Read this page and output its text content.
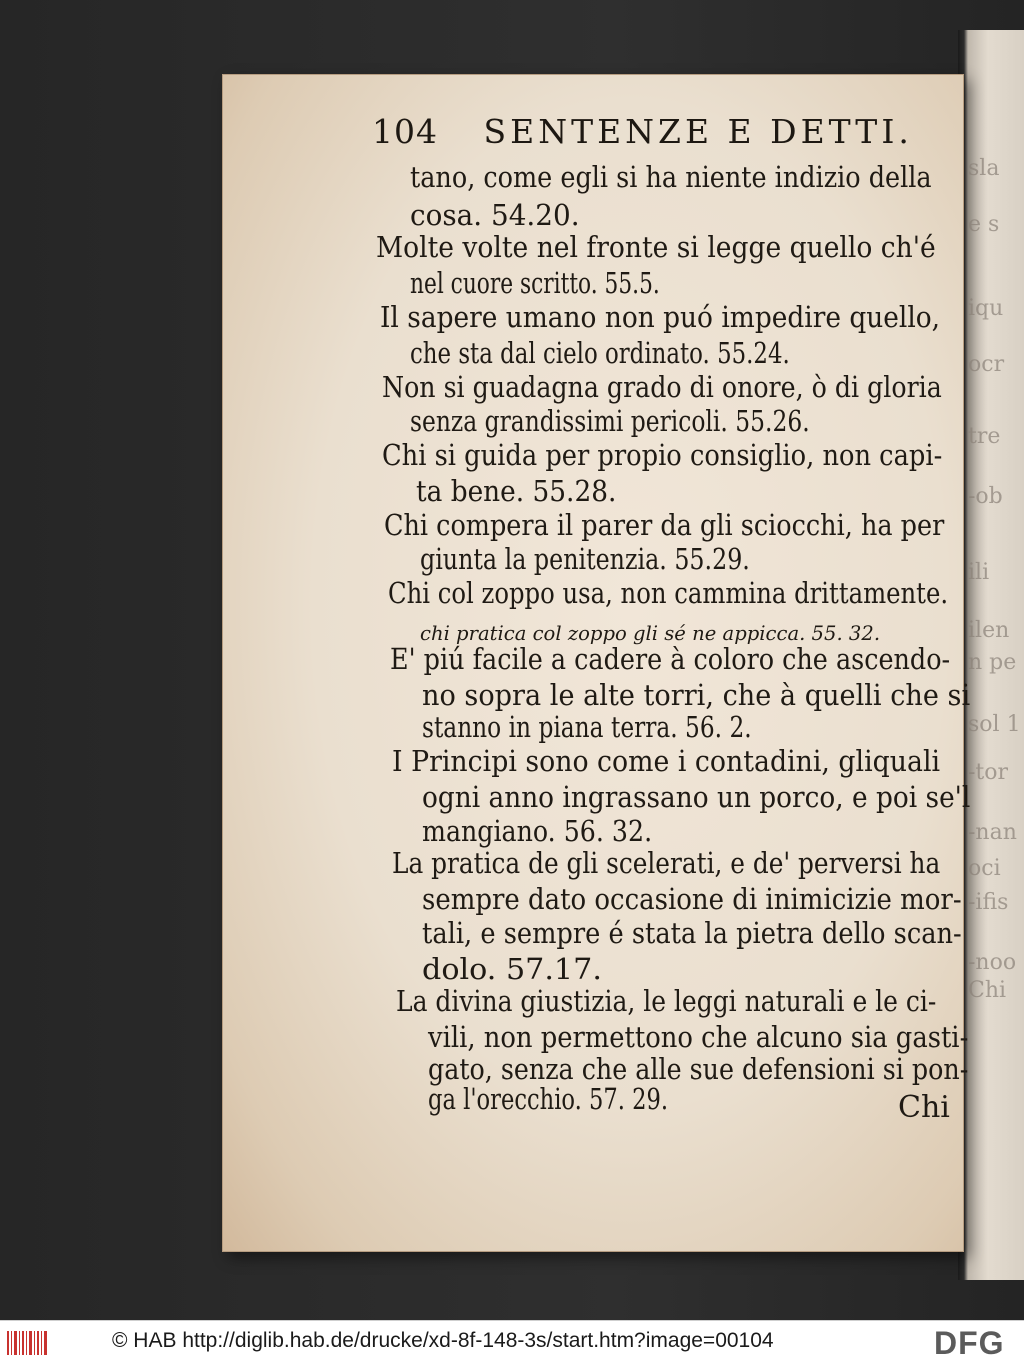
104 SENTENZE E DETTI.
tano, come egli si ha niente indizio della
cosa. 54.20.
Molte volte nel fronte si legge quello ch'é
nel cuore scritto. 55.5.
Il sapere umano non puó impedire quello,
che sta dal cielo ordinato. 55.24.
Non si guadagna grado di onore, ò di gloria
senza grandissimi pericoli. 55.26.
Chi si guida per propio consiglio, non capi-
ta bene. 55.28.
Chi compera il parer da gli sciocchi, ha per
giunta la penitenzia. 55.29.
Chi col zoppo usa, non cammina drittamente.
chi pratica col zoppo gli sé ne appicca. 55. 32.
E' piú facile a cadere à coloro che ascendo-
no sopra le alte torri, che à quelli che si
stanno in piana terra. 56. 2.
I Principi sono come i contadini, gliquali
ogni anno ingrassano un porco, e poi se'l
mangiano. 56. 32.
La pratica de gli scelerati, e de' perversi ha
sempre dato occasione di inimicizie mor-
tali, e sempre é stata la pietra dello scan-
dolo. 57.17.
La divina giustizia, le leggi naturali e le ci-
vili, non permettono che alcuno sia gasti-
gato, senza che alle sue defensioni si pon-
ga l'orecchio. 57. 29.	Chi
© HAB http://diglib.hab.de/drucke/xd-8f-148-3s/start.htm?image=00104	DFG
sla
e s
iqu
ocr
tre
-ob
ili
ilen
n pe
sol 1
-tor
-nan
oci
-ifis
-noo
Chi
